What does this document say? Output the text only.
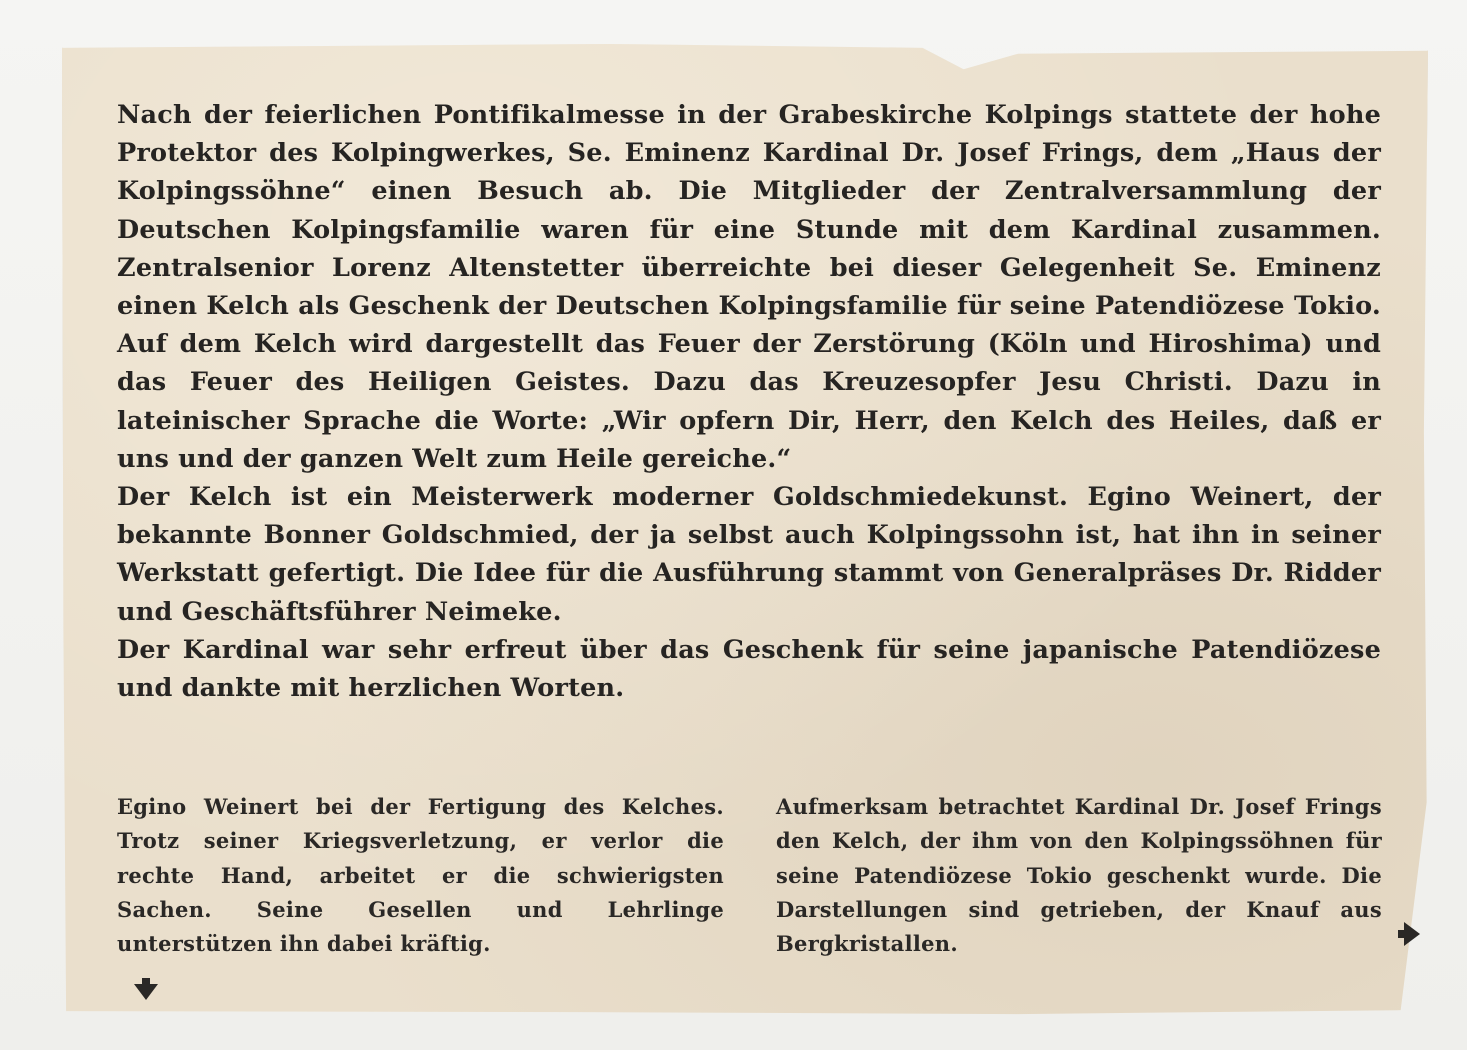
Nach der feierlichen Pontifikalmesse in der Grabeskirche Kolpings stattete der hohe Protektor des Kolpingwerkes, Se. Eminenz Kardinal Dr. Josef Frings, dem „Haus der Kolpingssöhne“ einen Besuch ab. Die Mitglieder der Zentralversammlung der Deutschen Kolpingsfamilie waren für eine Stunde mit dem Kardinal zusammen. Zentralsenior Lorenz Altenstetter überreichte bei dieser Gelegenheit Se. Eminenz einen Kelch als Geschenk der Deutschen Kolpingsfamilie für seine Patendiözese Tokio. Auf dem Kelch wird dargestellt das Feuer der Zerstörung (Köln und Hiroshima) und das Feuer des Heiligen Geistes. Dazu das Kreuzesopfer Jesu Christi. Dazu in lateinischer Sprache die Worte: „Wir opfern Dir, Herr, den Kelch des Heiles, daß er uns und der ganzen Welt zum Heile gereiche.“

Der Kelch ist ein Meisterwerk moderner Goldschmiedekunst. Egino Weinert, der bekannte Bonner Goldschmied, der ja selbst auch Kolpingssohn ist, hat ihn in seiner Werkstatt gefertigt. Die Idee für die Ausführung stammt von Generalpräses Dr. Ridder und Geschäftsführer Neimeke.

Der Kardinal war sehr erfreut über das Geschenk für seine japanische Patendiözese und dankte mit herzlichen Worten.

Egino Weinert bei der Fertigung des Kelches. Trotz seiner Kriegsverletzung, er verlor die rechte Hand, arbeitet er die schwierigsten Sachen. Seine Gesellen und Lehrlinge unterstützen ihn dabei kräftig.
Aufmerksam betrachtet Kardinal Dr. Josef Frings den Kelch, der ihm von den Kolpingssöhnen für seine Patendiözese Tokio geschenkt wurde. Die Darstellungen sind getrieben, der Knauf aus Bergkristallen.
